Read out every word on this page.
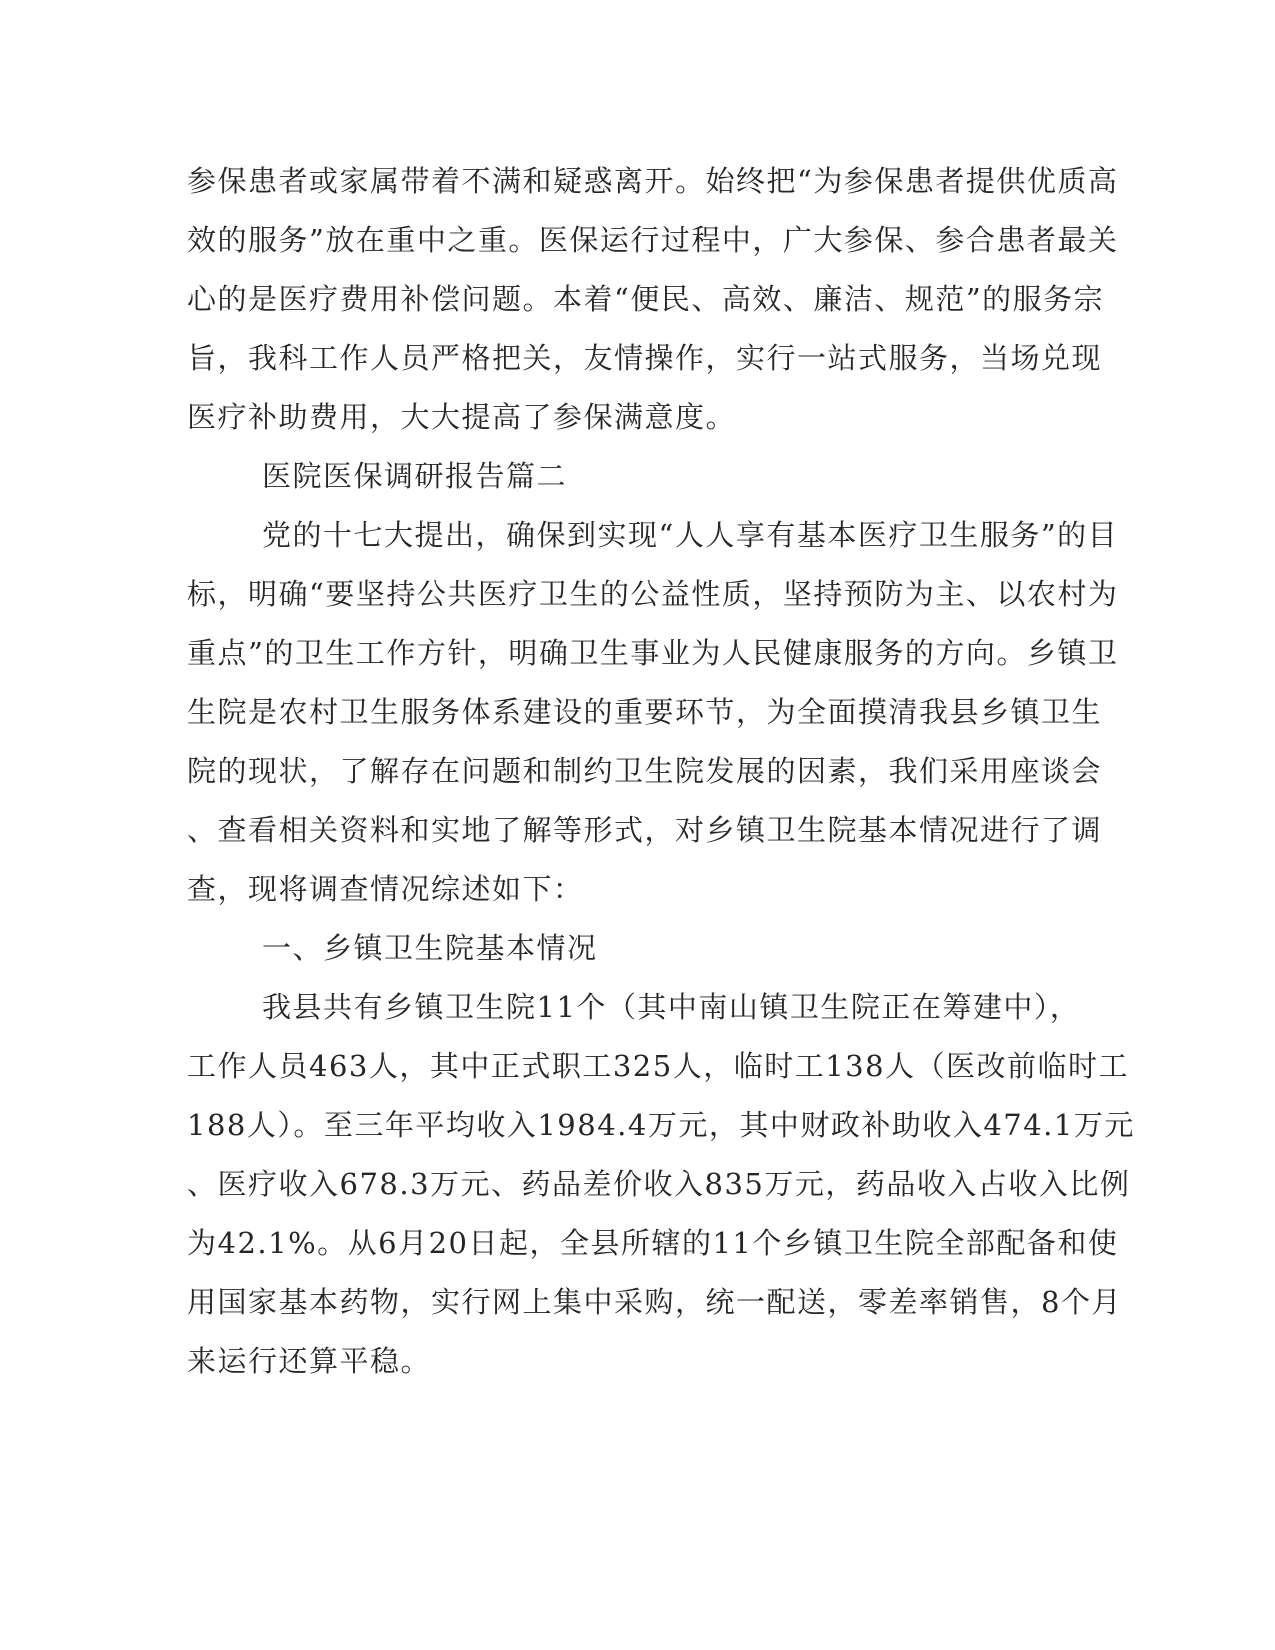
参保患者或家属带着不满和疑惑离开。始终把“为参保患者提供优质高
效的服务”放在重中之重。医保运行过程中，广大参保、参合患者最关
心的是医疗费用补偿问题。本着“便民、高效、廉洁、规范”的服务宗
旨，我科工作人员严格把关，友情操作，实行一站式服务，当场兑现
医疗补助费用，大大提高了参保满意度。
医院医保调研报告篇二
党的十七大提出，确保到实现“人人享有基本医疗卫生服务”的目
标，明确“要坚持公共医疗卫生的公益性质，坚持预防为主、以农村为
重点”的卫生工作方针，明确卫生事业为人民健康服务的方向。乡镇卫
生院是农村卫生服务体系建设的重要环节，为全面摸清我县乡镇卫生
院的现状，了解存在问题和制约卫生院发展的因素，我们采用座谈会
、查看相关资料和实地了解等形式，对乡镇卫生院基本情况进行了调
查，现将调查情况综述如下：
一、乡镇卫生院基本情况
我县共有乡镇卫生院11个（其中南山镇卫生院正在筹建中），
工作人员463人，其中正式职工325人，临时工138人（医改前临时工
188人）。至三年平均收入1984.4万元，其中财政补助收入474.1万元
、医疗收入678.3万元、药品差价收入835万元，药品收入占收入比例
为42.1%。从6月20日起，全县所辖的11个乡镇卫生院全部配备和使
用国家基本药物，实行网上集中采购，统一配送，零差率销售，8个月
来运行还算平稳。
